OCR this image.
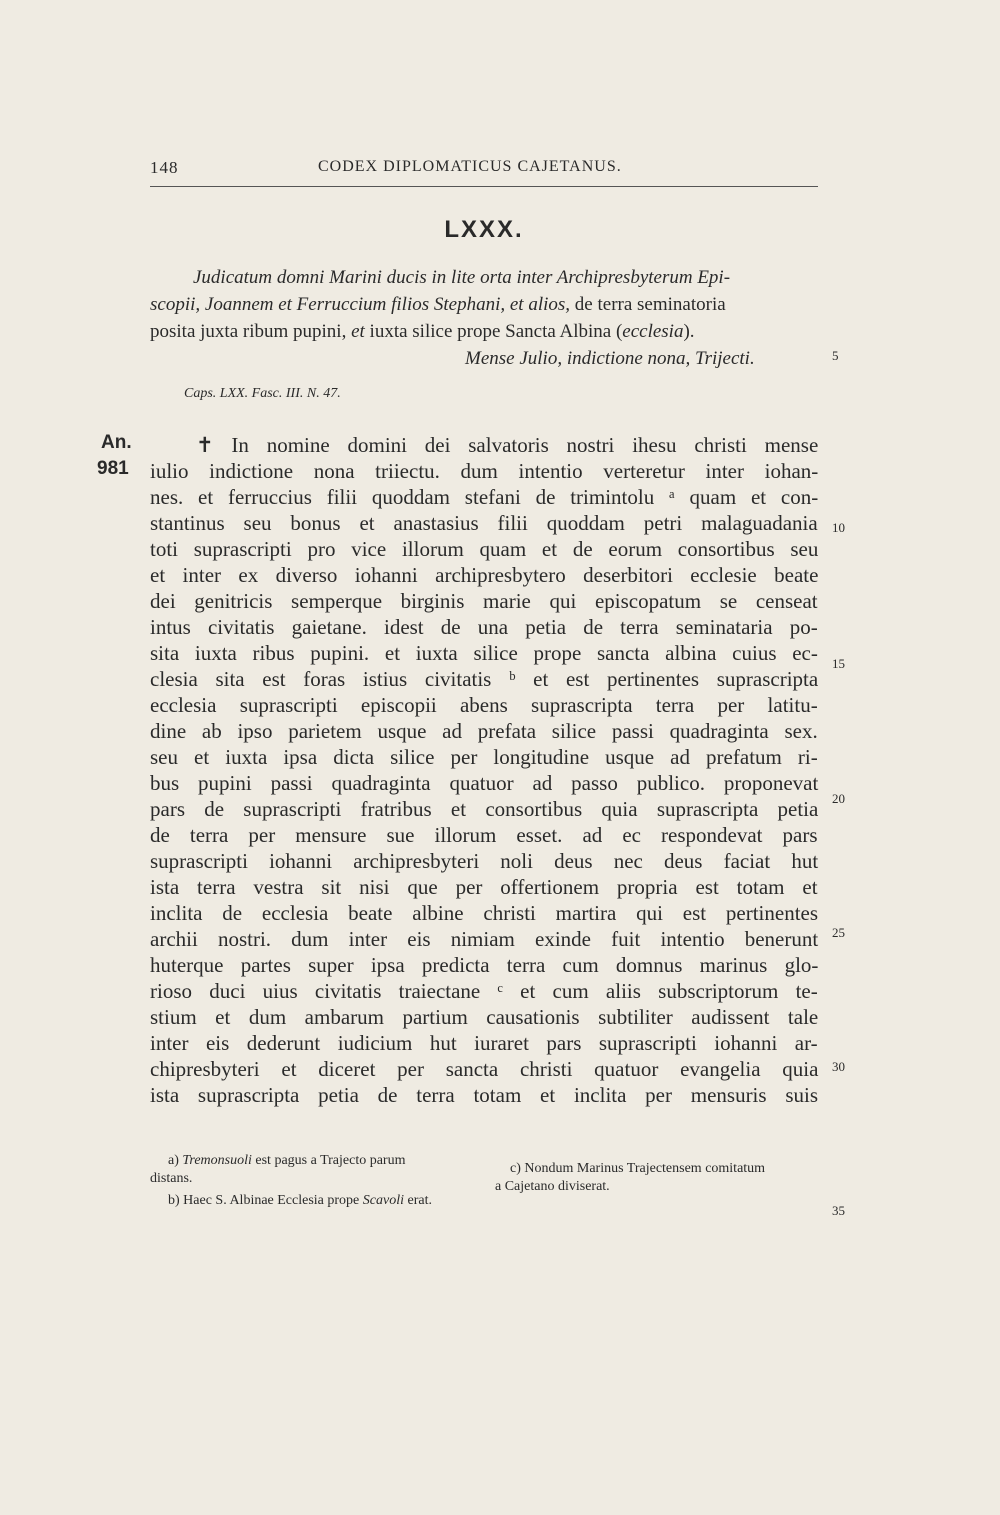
148	CODEX DIPLOMATICUS CAJETANUS.
LXXX.
Judicatum domni Marini ducis in lite orta inter Archipresbyterum Epi-
scopii, Joannem et Ferruccium filios Stephani, et alios, de terra seminatoria
posita juxta ribum pupini, et iuxta silice prope Sancta Albina (ecclesia).
Mense Julio, indictione nona, Trijecti.
Caps. LXX. Fasc. III. N. 47.
An.
981
✝ In nomine domini dei salvatoris nostri ihesu christi mense
iulio indictione nona triiectu. dum intentio verteretur inter iohan-
nes. et ferruccius filii quoddam stefani de trimintolu ᵃ quam et con-
stantinus seu bonus et anastasius filii quoddam petri malaguadania
toti suprascripti pro vice illorum quam et de eorum consortibus seu
et inter ex diverso iohanni archipresbytero deserbitori ecclesie beate
dei genitricis semperque birginis marie qui episcopatum se censeat
intus civitatis gaietane. idest de una petia de terra seminataria po-
sita iuxta ribus pupini. et iuxta silice prope sancta albina cuius ec-
clesia sita est foras istius civitatis ᵇ et est pertinentes suprascripta
ecclesia suprascripti episcopii abens suprascripta terra per latitu-
dine ab ipso parietem usque ad prefata silice passi quadraginta sex.
seu et iuxta ipsa dicta silice per longitudine usque ad prefatum ri-
bus pupini passi quadraginta quatuor ad passo publico. proponevat
pars de suprascripti fratribus et consortibus quia suprascripta petia
de terra per mensure sue illorum esset. ad ec respondevat pars
suprascripti iohanni archipresbyteri noli deus nec deus faciat hut
ista terra vestra sit nisi que per offertionem propria est totam et
inclita de ecclesia beate albine christi martira qui est pertinentes
archii nostri. dum inter eis nimiam exinde fuit intentio benerunt
huterque partes super ipsa predicta terra cum domnus marinus glo-
rioso duci uius civitatis traiectane ᶜ et cum aliis subscriptorum te-
stium et dum ambarum partium causationis subtiliter audissent tale
inter eis dederunt iudicium hut iuraret pars suprascripti iohanni ar-
chipresbyteri et diceret per sancta christi quatuor evangelia quia
ista suprascripta petia de terra totam et inclita per mensuris suis
5
10
15
20
25
30
35
a) Tremonsuoli est pagus a Trajecto parum
distans.
b) Haec S. Albinae Ecclesia prope Scavoli erat.
c) Nondum Marinus Trajectensem comitatum
a Cajetano diviserat.
